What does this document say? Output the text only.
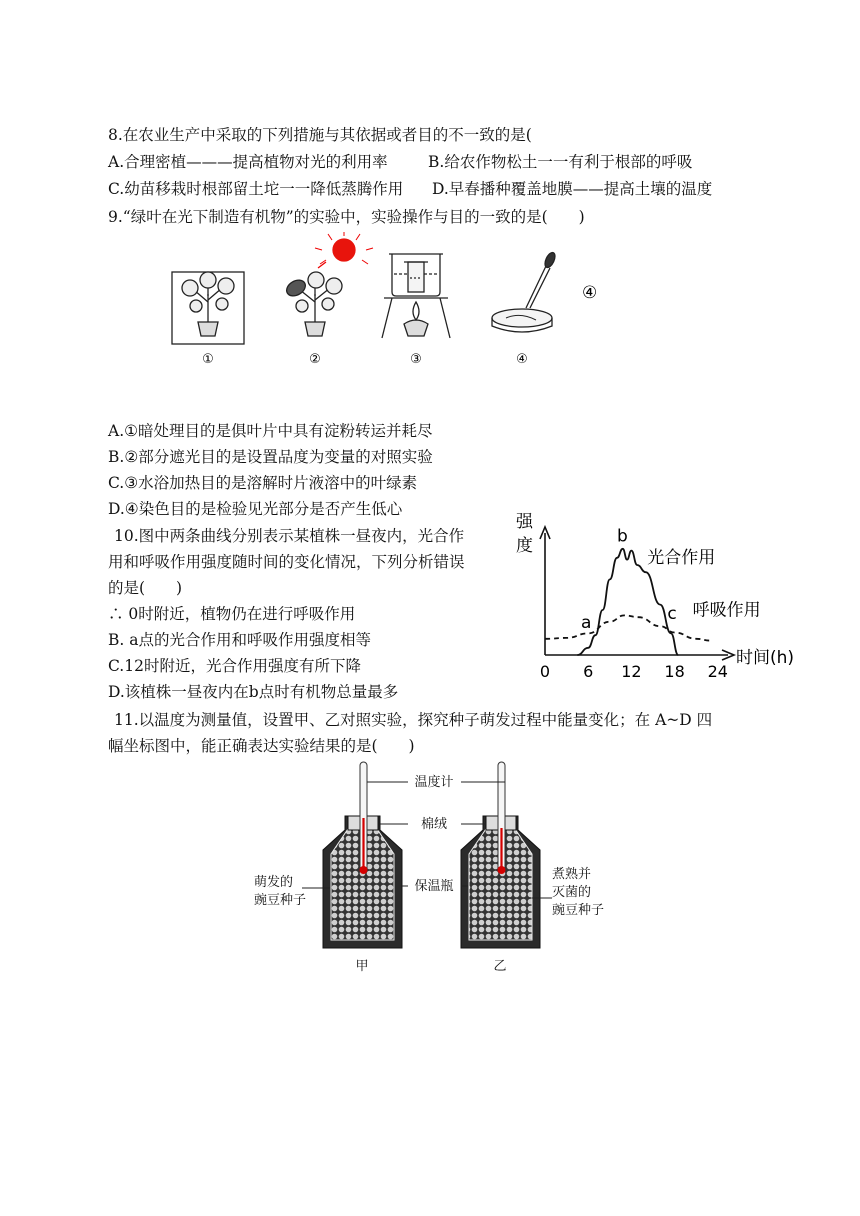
8.在农业生产中采取的下列措施与其依据或者目的不一致的是(
A.合理密植———提高植物对光的利用率	B.给农作物松土一一有利于根部的呼吸
C.幼苗移栽时根部留土坨一一降低蒸腾作用 D.早春播种覆盖地膜——提高土壤的温度
9.“绿叶在光下制造有机物”的实验中，实验操作与目的一致的是(　　)
①	②	③	④
④
A.①暗处理目的是俱叶片中具有淀粉转运并耗尽
B.②部分遮光目的是设置品度为变量的对照实验
C.③水浴加热目的是溶解时片液溶中的叶绿素
D.④染色目的是检验见光部分是否产生低心
10.图中两条曲线分别表示某植株一昼夜内，光合作
用和呼吸作用强度随时间的变化情况，下列分析错误
的是(　　)
∴ 0时附近，植物仍在进行呼吸作用
B. a点的光合作用和呼吸作用强度相等
C.12时附近，光合作用强度有所下降
D.该植株一昼夜内在b点时有机物总量最多
强
度
时间(h)
0 6 12 18 24
光合作用
呼吸作用
a
b
c
11.以温度为测量值，设置甲、乙对照实验，探究种子萌发过程中能量变化；在 A~D 四
幅坐标图中，能正确表达实验结果的是(　　)
温度计
棉绒
保温瓶
萌发的
豌豆种子
煮熟并
灭菌的
豌豆种子
甲	乙
